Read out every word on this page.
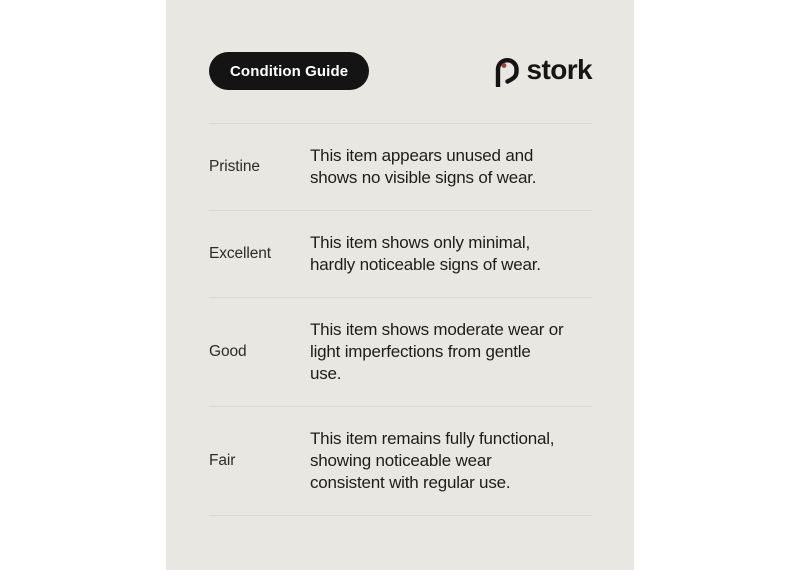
Condition Guide	stork
Pristine
This item appears unused and
shows no visible signs of wear.
Excellent
This item shows only minimal,
hardly noticeable signs of wear.
Good
This item shows moderate wear or
light imperfections from gentle
use.
Fair
This item remains fully functional,
showing noticeable wear
consistent with regular use.
